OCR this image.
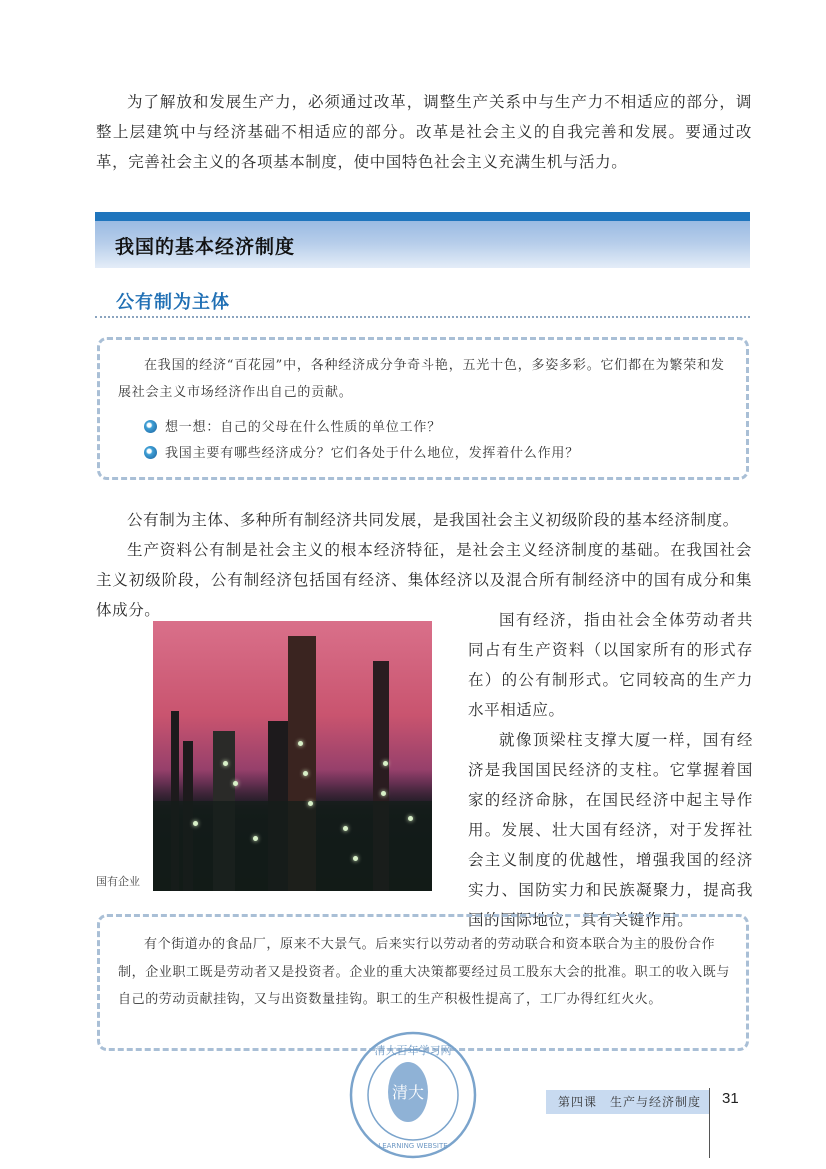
为了解放和发展生产力，必须通过改革，调整生产关系中与生产力不相适应的部分，调整上层建筑中与经济基础不相适应的部分。改革是社会主义的自我完善和发展。要通过改革，完善社会主义的各项基本制度，使中国特色社会主义充满生机与活力。
我国的基本经济制度
公有制为主体
在我国的经济“百花园”中，各种经济成分争奇斗艳，五光十色，多姿多彩。它们都在为繁荣和发展社会主义市场经济作出自己的贡献。
想一想：自己的父母在什么性质的单位工作？
我国主要有哪些经济成分？它们各处于什么地位，发挥着什么作用？
公有制为主体、多种所有制经济共同发展，是我国社会主义初级阶段的基本经济制度。
生产资料公有制是社会主义的根本经济特征，是社会主义经济制度的基础。在我国社会主义初级阶段，公有制经济包括国有经济、集体经济以及混合所有制经济中的国有成分和集体成分。
国有企业
国有经济，指由社会全体劳动者共同占有生产资料（以国家所有的形式存在）的公有制形式。它同较高的生产力水平相适应。
就像顶梁柱支撑大厦一样，国有经济是我国国民经济的支柱。它掌握着国家的经济命脉，在国民经济中起主导作用。发展、壮大国有经济，对于发挥社会主义制度的优越性，增强我国的经济实力、国防实力和民族凝聚力，提高我国的国际地位，具有关键作用。
有个街道办的食品厂，原来不大景气。后来实行以劳动者的劳动联合和资本联合为主的股份合作制，企业职工既是劳动者又是投资者。企业的重大决策都要经过员工股东大会的批准。职工的收入既与自己的劳动贡献挂钩，又与出资数量挂钩。职工的生产积极性提高了，工厂办得红红火火。
清大百年学习网
清大
LEARNING WEBSITE
第四课　生产与经济制度	31
